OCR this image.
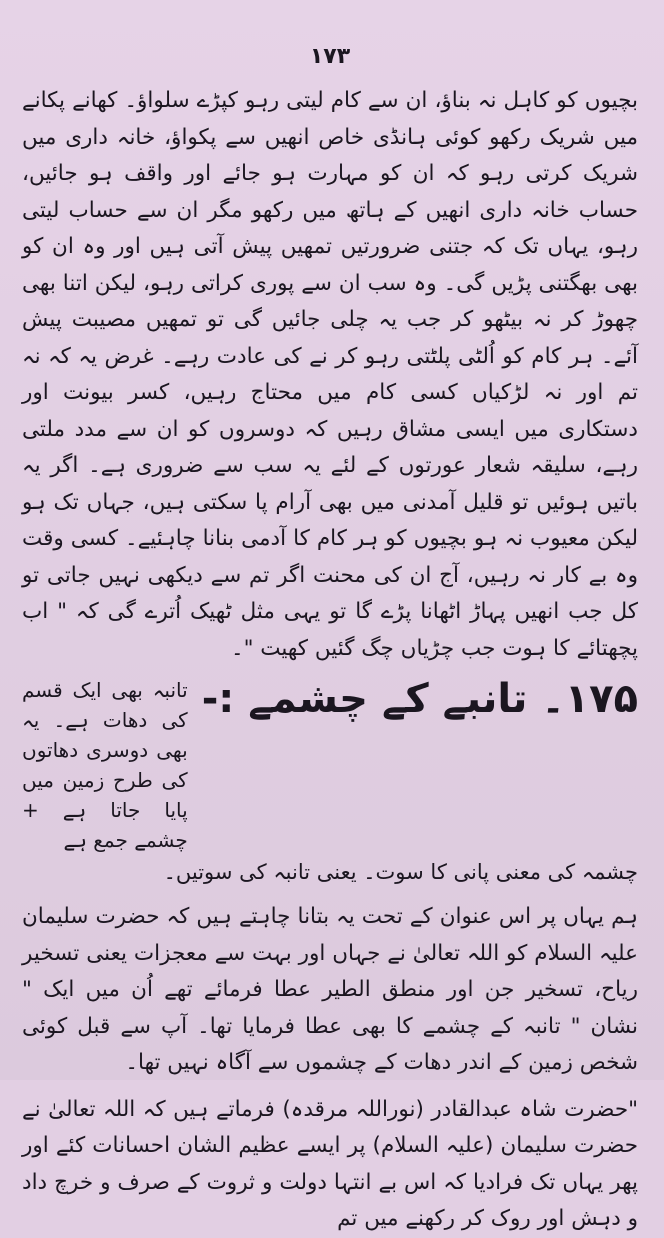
۱۷۳

بچیوں کو کاہل نہ بناؤ، ان سے کام لیتی رہو کپڑے سلواؤ۔ کھانے پکانے میں شریک رکھو کوئی ہانڈی خاص انھیں سے پکواؤ، خانہ داری میں شریک کرتی رہو کہ ان کو مہارت ہو جائے اور واقف ہو جائیں، حساب خانہ داری انھیں کے ہاتھ میں رکھو مگر ان سے حساب لیتی رہو، یہاں تک کہ جتنی ضرورتیں تمھیں پیش آتی ہیں اور وہ ان کو بھی بھگتنی پڑیں گی۔ وہ سب ان سے پوری کراتی رہو، لیکن اتنا بھی چھوڑ کر نہ بیٹھو کر جب یہ چلی جائیں گی تو تمھیں مصیبت پیش آئے۔ ہر کام کو اُلٹی پلٹتی رہو کر نے کی عادت رہے۔ غرض یہ کہ نہ تم اور نہ لڑکیاں کسی کام میں محتاج رہیں، کسر بیونت اور دستکاری میں ایسی مشاق رہیں کہ دوسروں کو ان سے مدد ملتی رہے، سلیقہ شعار عورتوں کے لئے یہ سب سے ضروری ہے۔ اگر یہ باتیں ہوئیں تو قلیل آمدنی میں بھی آرام پا سکتی ہیں، جہاں تک ہو لیکن معیوب نہ ہو بچیوں کو ہر کام کا آدمی بنانا چاہئیے۔ کسی وقت وہ بے کار نہ رہیں، آج ان کی محنت اگر تم سے دیکھی نہیں جاتی تو کل جب انھیں پہاڑ اٹھانا پڑے گا تو یہی مثل ٹھیک اُترے گی کہ " اب پچھتائے کا ہوت جب چڑیاں چگ گئیں کھیت "۔

۱۷۵۔ تانبے کے چشمے :-
تانبہ بھی ایک قسم کی دھات ہے۔ یہ بھی دوسری دھاتوں کی طرح زمین میں پایا جاتا ہے + چشمے جمع ہے

چشمہ کی معنی پانی کا سوت۔ یعنی تانبہ کی سوتیں۔

ہم یہاں پر اس عنوان کے تحت یہ بتانا چاہتے ہیں کہ حضرت سلیمان علیہ السلام کو اللہ تعالیٰ نے جہاں اور بہت سے معجزات یعنی تسخیر ریاح، تسخیر جن اور منطق الطیر عطا فرمائے تھے اُن میں ایک " نشان " تانبہ کے چشمے کا بھی عطا فرمایا تھا۔ آپ سے قبل کوئی شخص زمین کے اندر دھات کے چشموں سے آگاہ نہیں تھا۔

"حضرت شاہ عبدالقادر (نوراللہ مرقدہ) فرماتے ہیں کہ اللہ تعالیٰ نے حضرت سلیمان (علیہ السلام) پر ایسے عظیم الشان احسانات کئے اور پھر یہاں تک فرادیا کہ اس بے انتہا دولت و ثروت کے صرف و خرچ داد و دہش اور روک کر رکھنے میں تم
